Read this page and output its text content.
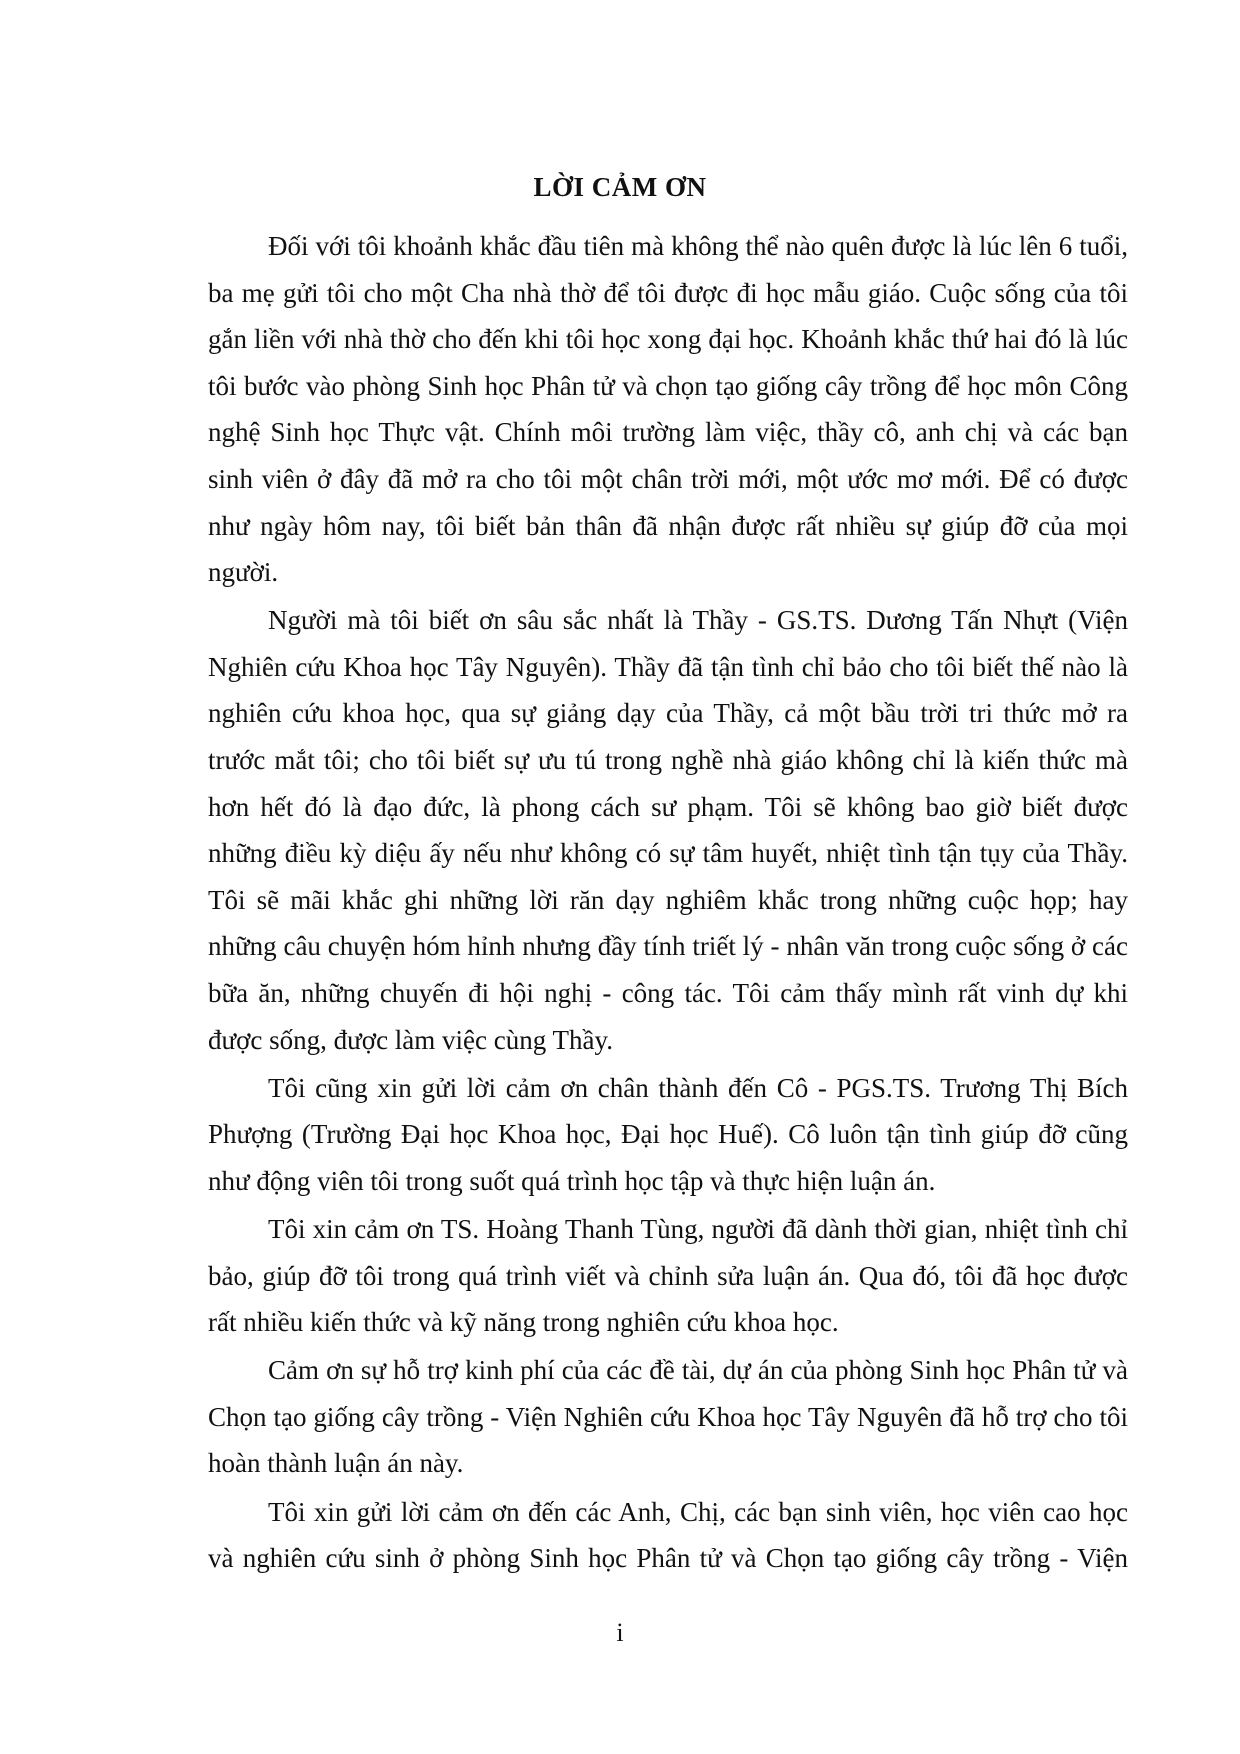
LỜI CẢM ƠN

Đối với tôi khoảnh khắc đầu tiên mà không thể nào quên được là lúc lên 6 tuổi, ba mẹ gửi tôi cho một Cha nhà thờ để tôi được đi học mẫu giáo. Cuộc sống của tôi gắn liền với nhà thờ cho đến khi tôi học xong đại học. Khoảnh khắc thứ hai đó là lúc tôi bước vào phòng Sinh học Phân tử và chọn tạo giống cây trồng để học môn Công nghệ Sinh học Thực vật. Chính môi trường làm việc, thầy cô, anh chị và các bạn sinh viên ở đây đã mở ra cho tôi một chân trời mới, một ước mơ mới. Để có được như ngày hôm nay, tôi biết bản thân đã nhận được rất nhiều sự giúp đỡ của mọi người.

Người mà tôi biết ơn sâu sắc nhất là Thầy - GS.TS. Dương Tấn Nhựt (Viện Nghiên cứu Khoa học Tây Nguyên). Thầy đã tận tình chỉ bảo cho tôi biết thế nào là nghiên cứu khoa học, qua sự giảng dạy của Thầy, cả một bầu trời tri thức mở ra trước mắt tôi; cho tôi biết sự ưu tú trong nghề nhà giáo không chỉ là kiến thức mà hơn hết đó là đạo đức, là phong cách sư phạm. Tôi sẽ không bao giờ biết được những điều kỳ diệu ấy nếu như không có sự tâm huyết, nhiệt tình tận tụy của Thầy. Tôi sẽ mãi khắc ghi những lời răn dạy nghiêm khắc trong những cuộc họp; hay những câu chuyện hóm hỉnh nhưng đầy tính triết lý - nhân văn trong cuộc sống ở các bữa ăn, những chuyến đi hội nghị - công tác. Tôi cảm thấy mình rất vinh dự khi được sống, được làm việc cùng Thầy.

Tôi cũng xin gửi lời cảm ơn chân thành đến Cô - PGS.TS. Trương Thị Bích Phượng (Trường Đại học Khoa học, Đại học Huế). Cô luôn tận tình giúp đỡ cũng như động viên tôi trong suốt quá trình học tập và thực hiện luận án.

Tôi xin cảm ơn TS. Hoàng Thanh Tùng, người đã dành thời gian, nhiệt tình chỉ bảo, giúp đỡ tôi trong quá trình viết và chỉnh sửa luận án. Qua đó, tôi đã học được rất nhiều kiến thức và kỹ năng trong nghiên cứu khoa học.

Cảm ơn sự hỗ trợ kinh phí của các đề tài, dự án của phòng Sinh học Phân tử và Chọn tạo giống cây trồng - Viện Nghiên cứu Khoa học Tây Nguyên đã hỗ trợ cho tôi hoàn thành luận án này.

Tôi xin gửi lời cảm ơn đến các Anh, Chị, các bạn sinh viên, học viên cao học và nghiên cứu sinh ở phòng Sinh học Phân tử và Chọn tạo giống cây trồng - Viện

i
